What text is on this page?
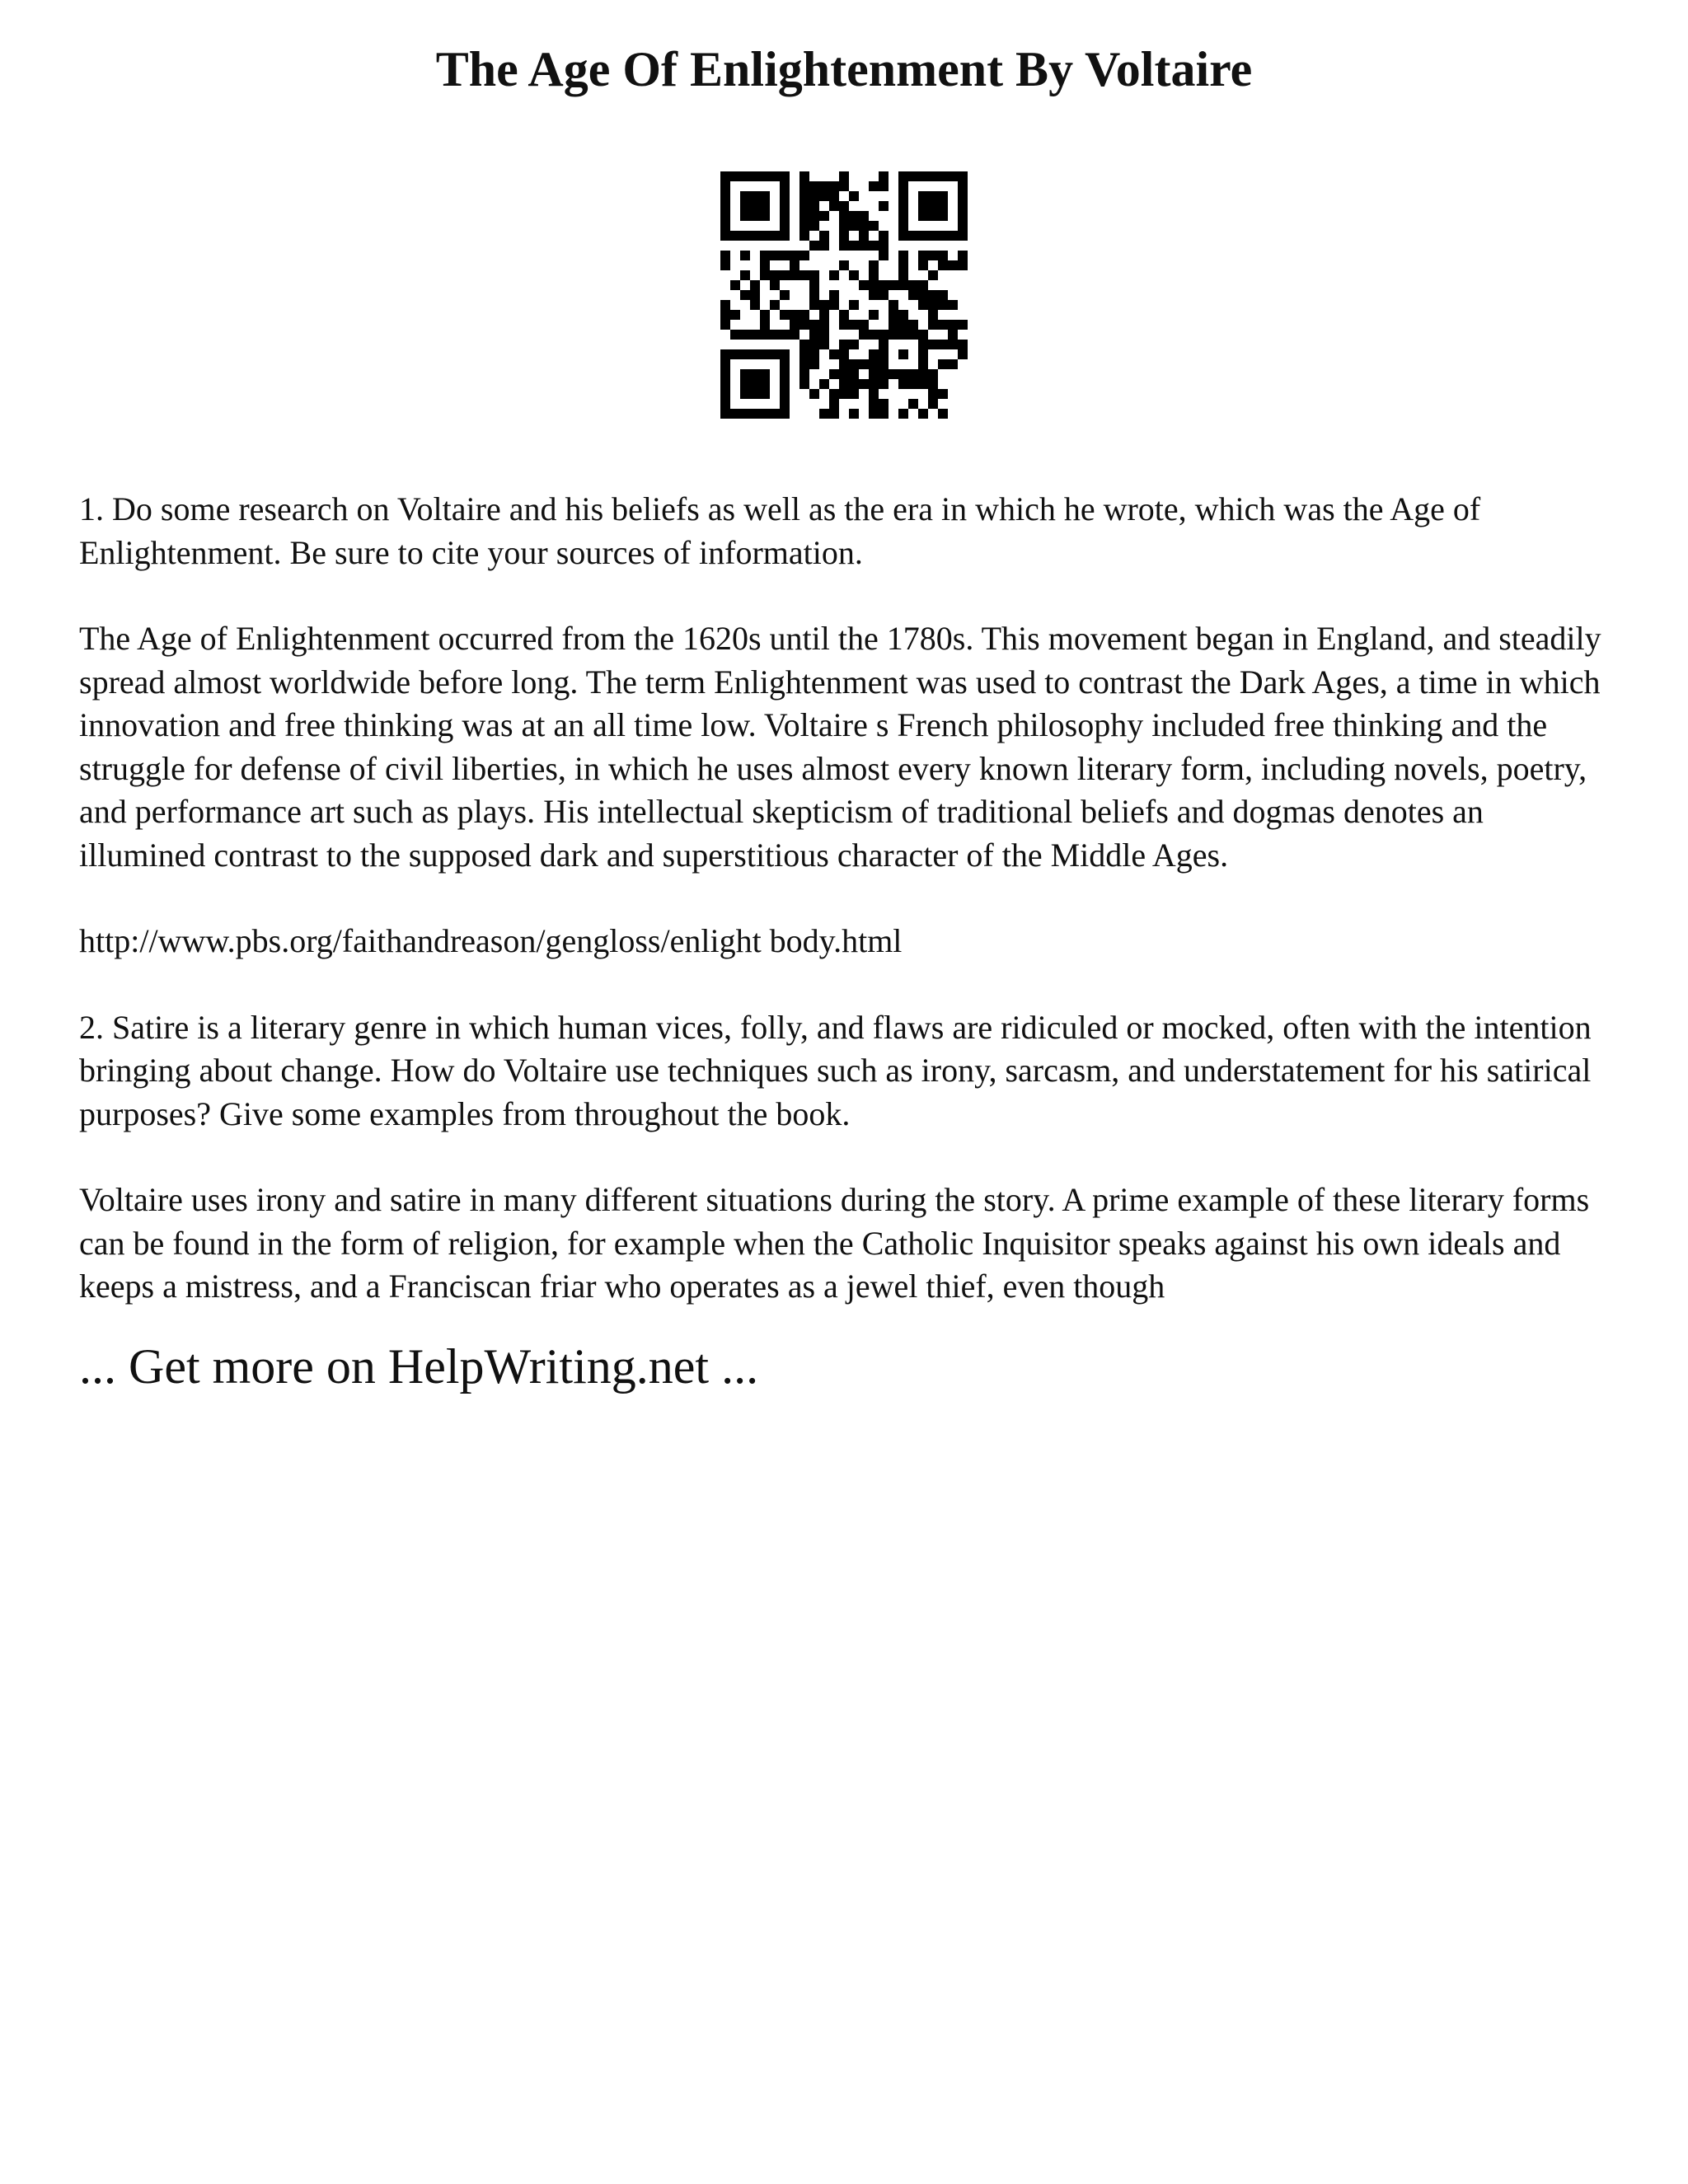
The Age Of Enlightenment By Voltaire

1. Do some research on Voltaire and his beliefs as well as the era in which he wrote, which was the Age of Enlightenment. Be sure to cite your sources of information.

The Age of Enlightenment occurred from the 1620s until the 1780s. This movement began in England, and steadily spread almost worldwide before long. The term Enlightenment was used to contrast the Dark Ages, a time in which innovation and free thinking was at an all time low. Voltaire s French philosophy included free thinking and the struggle for defense of civil liberties, in which he uses almost every known literary form, including novels, poetry, and performance art such as plays. His intellectual skepticism of traditional beliefs and dogmas denotes an illumined contrast to the supposed dark and superstitious character of the Middle Ages.

http://www.pbs.org/faithandreason/gengloss/enlight body.html

2. Satire is a literary genre in which human vices, folly, and flaws are ridiculed or mocked, often with the intention bringing about change. How do Voltaire use techniques such as irony, sarcasm, and understatement for his satirical purposes? Give some examples from throughout the book.

Voltaire uses irony and satire in many different situations during the story. A prime example of these literary forms can be found in the form of religion, for example when the Catholic Inquisitor speaks against his own ideals and keeps a mistress, and a Franciscan friar who operates as a jewel thief, even though

... Get more on HelpWriting.net ...
